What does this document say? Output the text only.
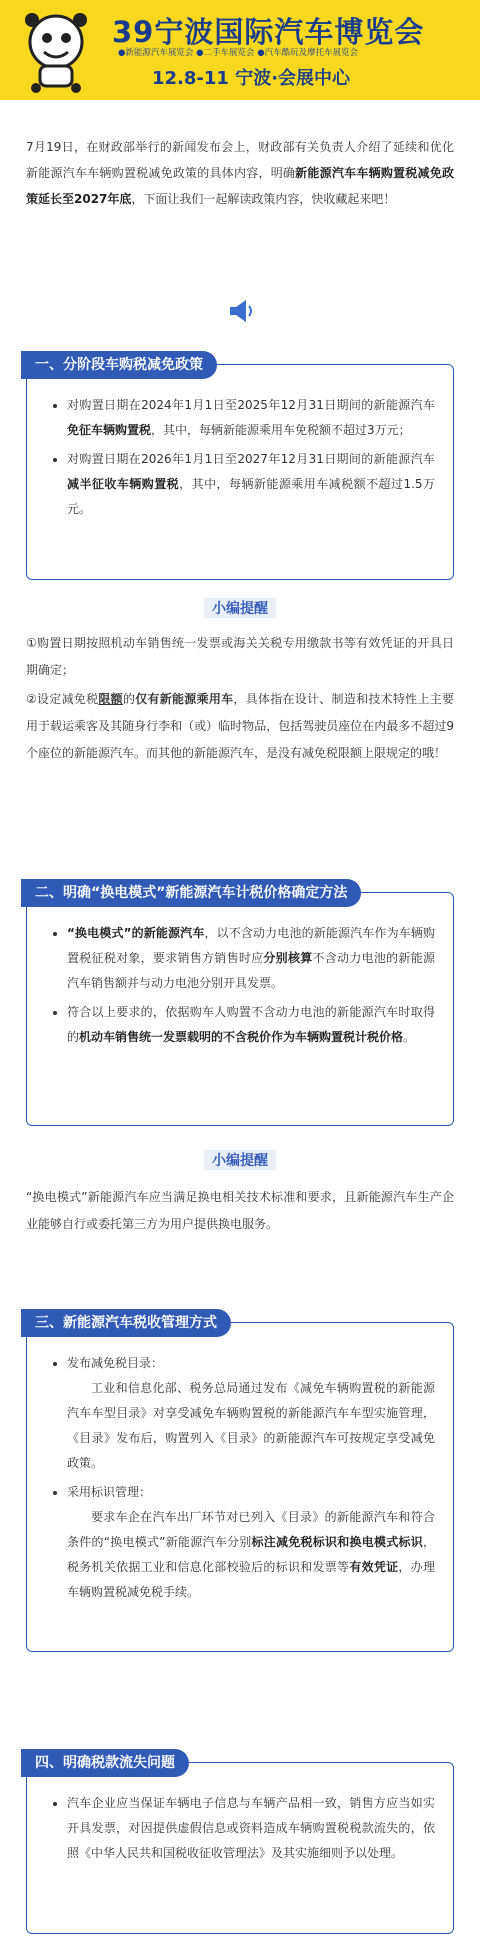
39宁波国际汽车博览会
●新能源汽车展览会 ●二手车展览会 ●汽车酷玩及摩托车展览会
12.8-11 宁波·会展中心
7月19日，在财政部举行的新闻发布会上，财政部有关负责人介绍了延续和优化新能源汽车车辆购置税减免政策的具体内容，明确新能源汽车车辆购置税减免政策延长至2027年底，下面让我们一起解读政策内容，快收藏起来吧！
一、分阶段车购税减免政策
• 对购置日期在2024年1月1日至2025年12月31日期间的新能源汽车免征车辆购置税，其中，每辆新能源乘用车免税额不超过3万元；
• 对购置日期在2026年1月1日至2027年12月31日期间的新能源汽车减半征收车辆购置税，其中，每辆新能源乘用车减税额不超过1.5万元。
小编提醒

①购置日期按照机动车销售统一发票或海关关税专用缴款书等有效凭证的开具日期确定；

②设定减免税限额的仅有新能源乘用车，具体指在设计、制造和技术特性上主要用于载运乘客及其随身行李和（或）临时物品，包括驾驶员座位在内最多不超过9个座位的新能源汽车。而其他的新能源汽车，是没有减免税限额上限规定的哦！

二、明确“换电模式”新能源汽车计税价格确定方法
• “换电模式”的新能源汽车，以不含动力电池的新能源汽车作为车辆购置税征税对象，要求销售方销售时应分别核算不含动力电池的新能源汽车销售额并与动力电池分别开具发票。
• 符合以上要求的，依据购车人购置不含动力电池的新能源汽车时取得的机动车销售统一发票载明的不含税价作为车辆购置税计税价格。
小编提醒

“换电模式”新能源汽车应当满足换电相关技术标准和要求，且新能源汽车生产企业能够自行或委托第三方为用户提供换电服务。

三、新能源汽车税收管理方式
• 发布减免税目录：
工业和信息化部、税务总局通过发布《减免车辆购置税的新能源汽车车型目录》对享受减免车辆购置税的新能源汽车车型实施管理，《目录》发布后，购置列入《目录》的新能源汽车可按规定享受减免政策。
• 采用标识管理：
要求车企在汽车出厂环节对已列入《目录》的新能源汽车和符合条件的“换电模式”新能源汽车分别标注减免税标识和换电模式标识，税务机关依据工业和信息化部校验后的标识和发票等有效凭证，办理车辆购置税减免税手续。
四、明确税款流失问题
• 汽车企业应当保证车辆电子信息与车辆产品相一致，销售方应当如实开具发票，对因提供虚假信息或资料造成车辆购置税税款流失的，依照《中华人民共和国税收征收管理法》及其实施细则予以处理。
